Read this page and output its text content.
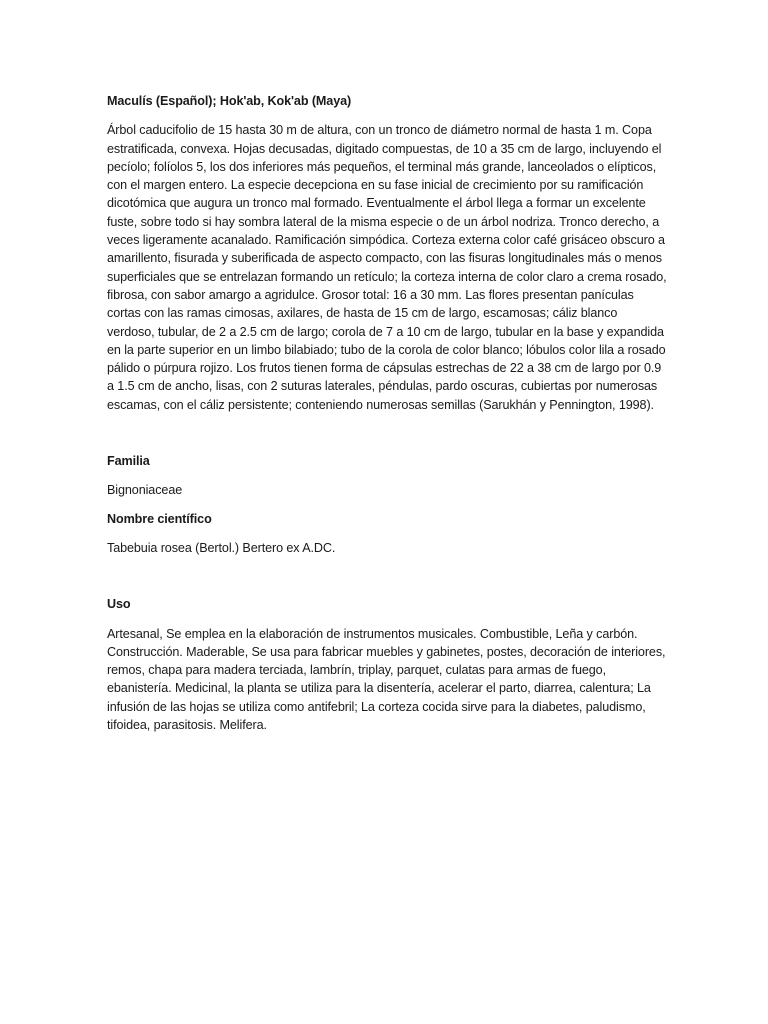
Maculís (Español); Hok'ab, Kok'ab (Maya)

Árbol caducifolio de 15 hasta 30 m de altura, con un tronco de diámetro normal de hasta 1 m. Copa estratificada, convexa. Hojas decusadas, digitado compuestas, de 10 a 35 cm de largo, incluyendo el pecíolo; folíolos 5, los dos inferiores más pequeños, el terminal más grande, lanceolados o elípticos, con el margen entero. La especie decepciona en su fase inicial de crecimiento por su ramificación dicotómica que augura un tronco mal formado. Eventualmente el árbol llega a formar un excelente fuste, sobre todo si hay sombra lateral de la misma especie o de un árbol nodriza. Tronco derecho, a veces ligeramente acanalado. Ramificación simpódica. Corteza externa color café grisáceo obscuro a amarillento, fisurada y suberificada de aspecto compacto, con las fisuras longitudinales más o menos superficiales que se entrelazan formando un retículo; la corteza interna de color claro a crema rosado, fibrosa, con sabor amargo a agridulce. Grosor total: 16 a 30 mm. Las flores presentan panículas cortas con las ramas cimosas, axilares, de hasta de 15 cm de largo, escamosas; cáliz blanco verdoso, tubular, de 2 a 2.5 cm de largo; corola de 7 a 10 cm de largo, tubular en la base y expandida en la parte superior en un limbo bilabiado; tubo de la corola de color blanco; lóbulos color lila a rosado pálido o púrpura rojizo. Los frutos tienen forma de cápsulas estrechas de 22 a 38 cm de largo por 0.9 a 1.5 cm de ancho, lisas, con 2 suturas laterales, péndulas, pardo oscuras, cubiertas por numerosas escamas, con el cáliz persistente; conteniendo numerosas semillas (Sarukhán y Pennington, 1998).

Familia

Bignoniaceae

Nombre científico

Tabebuia rosea (Bertol.) Bertero ex A.DC.

Uso

Artesanal, Se emplea en la elaboración de instrumentos musicales. Combustible, Leña y carbón. Construcción. Maderable, Se usa para fabricar muebles y gabinetes, postes, decoración de interiores, remos, chapa para madera terciada, lambrín, triplay, parquet, culatas para armas de fuego, ebanistería. Medicinal, la planta se utiliza para la disentería, acelerar el parto, diarrea, calentura; La infusión de las hojas se utiliza como antifebril; La corteza cocida sirve para la diabetes, paludismo, tifoidea, parasitosis. Melifera.
